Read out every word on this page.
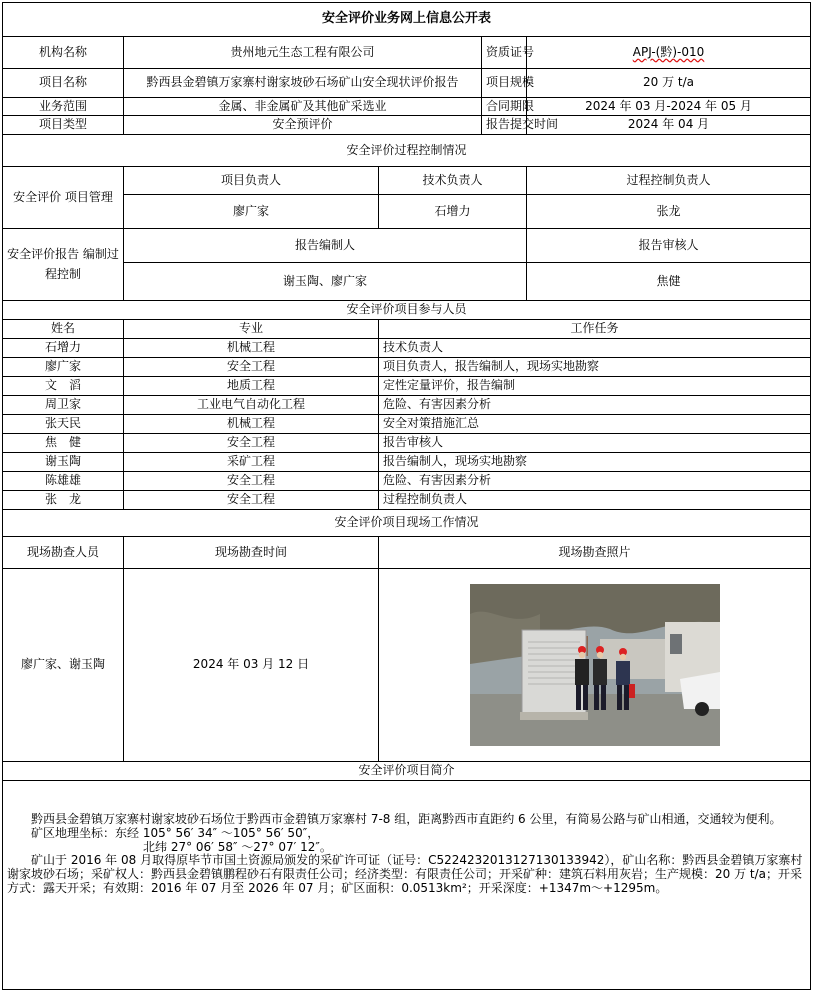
安全评价业务网上信息公开表				
机构名称	贵州地元生态工程有限公司		资质证号	APJ-(黔)-010
项目名称	黔西县金碧镇万家寨村谢家坡砂石场矿山安全现状评价报告		项目规模	20 万 t/a
业务范围	金属、非金属矿及其他矿采选业		合同期限	2024 年 03 月-2024 年 05 月
项目类型	安全预评价		报告提交时间	2024 年 04 月
安全评价过程控制情况				
安全评价 项目管理	项目负责人	技术负责人		过程控制负责人
	廖广家	石增力		张龙
安全评价报告 编制过程控制	报告编制人			报告审核人
	谢玉陶、廖广家			焦健
安全评价项目参与人员				
姓名	专业	工作任务		
石增力	机械工程	技术负责人		
廖广家	安全工程	项目负责人，报告编制人，现场实地勘察		
文　滔	地质工程	定性定量评价，报告编制		
周卫家	工业电气自动化工程	危险、有害因素分析		
张天民	机械工程	安全对策措施汇总		
焦　健	安全工程	报告审核人		
谢玉陶	采矿工程	报告编制人，现场实地勘察		
陈雄雄	安全工程	危险、有害因素分析		
张　龙	安全工程	过程控制负责人		
安全评价项目现场工作情况				
现场勘查人员	现场勘查时间	现场勘查照片		
廖广家、谢玉陶	2024 年 03 月 12 日	

安全评价项目简介				

黔西县金碧镇万家寨村谢家坡砂石场位于黔西市金碧镇万家寨村 7-8 组，距离黔西市直距约 6 公里，有简易公路与矿山相通，交通较为便利。

矿区地理坐标：东经 105° 56′ 34″ ～105° 56′ 50″，

北纬 27° 06′ 58″ ～27° 07′ 12″。

矿山于 2016 年 08 月取得原毕节市国土资源局颁发的采矿许可证（证号：C5224232013127130133942），矿山名称：黔西县金碧镇万家寨村谢家坡砂石场；采矿权人：黔西县金碧镇鹏程砂石有限责任公司；经济类型：有限责任公司；开采矿种：建筑石料用灰岩；生产规模：20 万 t/a；开采方式：露天开采；有效期：2016 年 07 月至 2026 年 07 月；矿区面积：0.0513km²；开采深度：+1347m～+1295m。				
